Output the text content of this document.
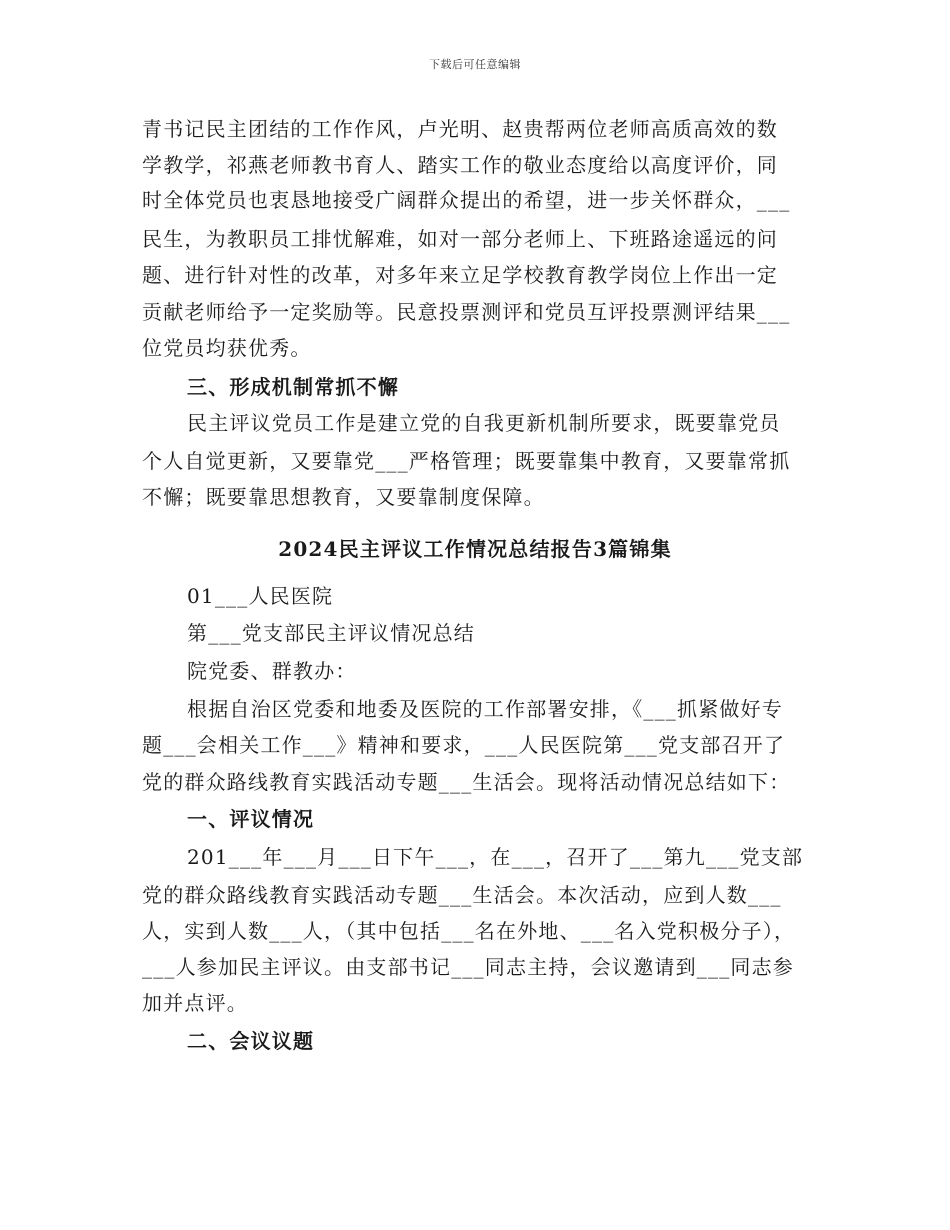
下载后可任意编辑
青书记民主团结的工作作风，卢光明、赵贵帮两位老师高质高效的数
学教学，祁燕老师教书育人、踏实工作的敬业态度给以高度评价，同
时全体党员也衷恳地接受广阔群众提出的希望，进一步关怀群众，___
民生，为教职员工排忧解难，如对一部分老师上、下班路途遥远的问
题、进行针对性的改革，对多年来立足学校教育教学岗位上作出一定
贡献老师给予一定奖励等。民意投票测评和党员互评投票测评结果___
位党员均获优秀。
三、形成机制常抓不懈
民主评议党员工作是建立党的自我更新机制所要求，既要靠党员
个人自觉更新，又要靠党___严格管理；既要靠集中教育，又要靠常抓
不懈；既要靠思想教育，又要靠制度保障。
2024民主评议工作情况总结报告3篇锦集
01___人民医院
第___党支部民主评议情况总结
院党委、群教办：
根据自治区党委和地委及医院的工作部署安排，《___抓紧做好专
题___会相关工作___》精神和要求，___人民医院第___党支部召开了
党的群众路线教育实践活动专题___生活会。现将活动情况总结如下：
一、评议情况
201___年___月___日下午___，在___，召开了___第九___党支部
党的群众路线教育实践活动专题___生活会。本次活动，应到人数___
人，实到人数___人，（其中包括___名在外地、___名入党积极分子），
___人参加民主评议。由支部书记___同志主持，会议邀请到___同志参
加并点评。
二、会议议题
